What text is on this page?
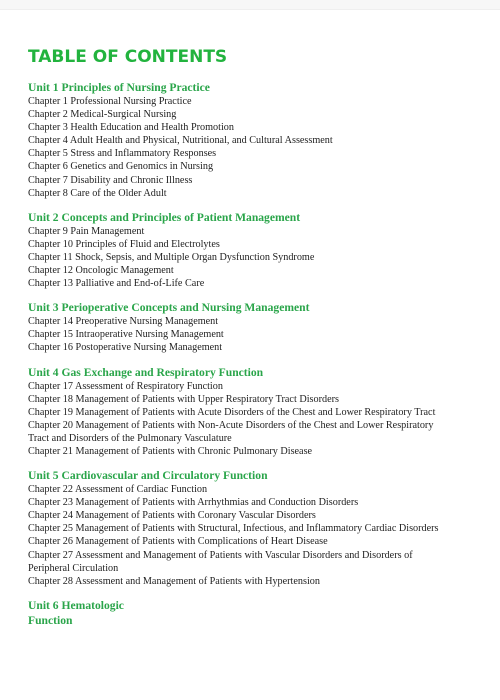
TABLE OF CONTENTS
Unit 1 Principles of Nursing Practice
Chapter 1 Professional Nursing Practice
Chapter 2 Medical-Surgical Nursing
Chapter 3 Health Education and Health Promotion
Chapter 4 Adult Health and Physical, Nutritional, and Cultural Assessment
Chapter 5 Stress and Inflammatory Responses
Chapter 6 Genetics and Genomics in Nursing
Chapter 7 Disability and Chronic Illness
Chapter 8 Care of the Older Adult
Unit 2 Concepts and Principles of Patient Management
Chapter 9 Pain Management
Chapter 10 Principles of Fluid and Electrolytes
Chapter 11 Shock, Sepsis, and Multiple Organ Dysfunction Syndrome
Chapter 12 Oncologic Management
Chapter 13 Palliative and End-of-Life Care
Unit 3 Perioperative Concepts and Nursing Management
Chapter 14 Preoperative Nursing Management
Chapter 15 Intraoperative Nursing Management
Chapter 16 Postoperative Nursing Management
Unit 4 Gas Exchange and Respiratory Function
Chapter 17 Assessment of Respiratory Function
Chapter 18 Management of Patients with Upper Respiratory Tract Disorders
Chapter 19 Management of Patients with Acute Disorders of the Chest and Lower Respiratory Tract
Chapter 20 Management of Patients with Non-Acute Disorders of the Chest and Lower Respiratory Tract and Disorders of the Pulmonary Vasculature
Chapter 21 Management of Patients with Chronic Pulmonary Disease
Unit 5 Cardiovascular and Circulatory Function
Chapter 22 Assessment of Cardiac Function
Chapter 23 Management of Patients with Arrhythmias and Conduction Disorders
Chapter 24 Management of Patients with Coronary Vascular Disorders
Chapter 25 Management of Patients with Structural, Infectious, and Inflammatory Cardiac Disorders
Chapter 26 Management of Patients with Complications of Heart Disease
Chapter 27 Assessment and Management of Patients with Vascular Disorders and Disorders of Peripheral Circulation
Chapter 28 Assessment and Management of Patients with Hypertension
Unit 6 Hematologic
Function
